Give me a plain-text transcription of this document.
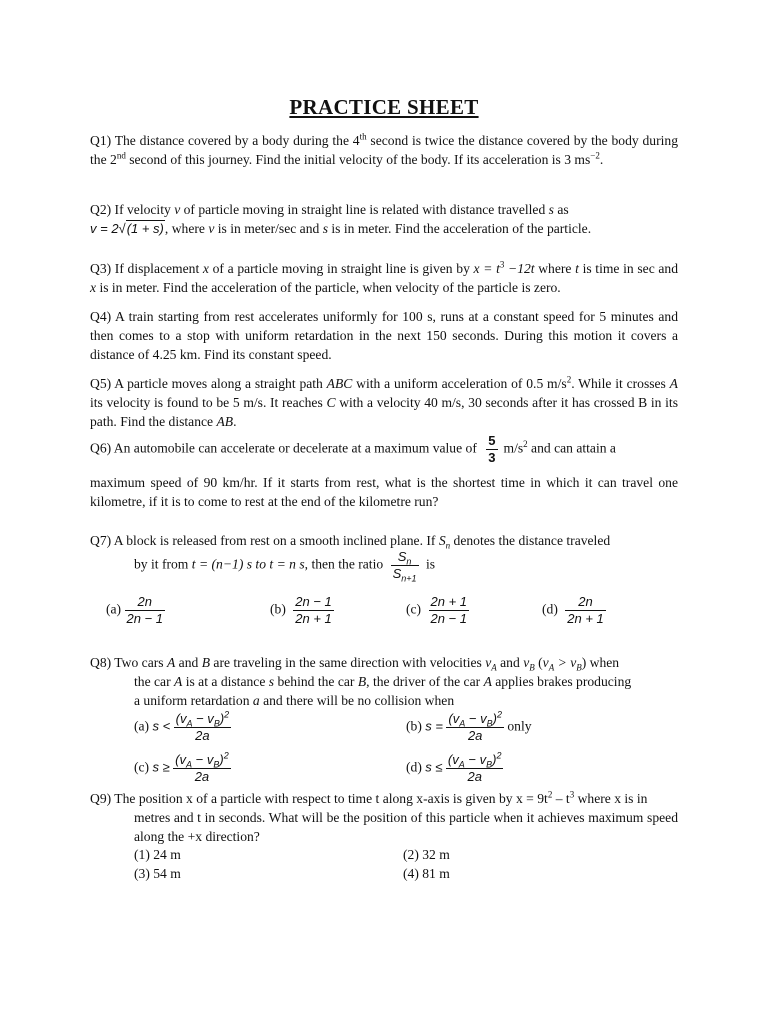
PRACTICE SHEET
Q1) The distance covered by a body during the 4th second is twice the distance covered by the body during the 2nd second of this journey. Find the initial velocity of the body. If its acceleration is 3 $ms^{-2}$.
Q2) If velocity v of particle moving in straight line is related with distance travelled s as
v = 2√(1 + s), where v is in meter/sec and s is in meter. Find the acceleration of the particle.
Q3) If displacement x of a particle moving in straight line is given by $x = t^3 -12t$ where t is time in sec and x is in meter. Find the acceleration of the particle, when velocity of the particle is zero.
Q4) A train starting from rest accelerates uniformly for 100 s, runs at a constant speed for 5 minutes and then comes to a stop with uniform retardation in the next 150 seconds. During this motion it covers a distance of 4.25 km. Find its constant speed.
Q5) A particle moves along a straight path ABC with a uniform acceleration of 0.5 $m/s^2$. While it crosses A its velocity is found to be 5 m/s. It reaches C with a velocity 40 m/s, 30 seconds after it has crossed B in its path. Find the distance AB.
Q6) An automobile can accelerate or decelerate at a maximum value of $\frac{5}{3} m/s^2$ and can attain a
maximum speed of 90 km/hr. If it starts from rest, what is the shortest time in which it can travel one kilometre, if it is to come to rest at the end of the kilometre run?
Q7) A block is released from rest on a smooth inclined plane. If $S_n$ denotes the distance traveled
by it from t = (n−1) s to t = n s, then the ratio $\frac{S_n}{S_{n+1}}$ is
$(a) \frac{2n}{2n - 1}$	$(b) \frac{2n - 1}{2n + 1}$	$(c) \frac{2n + 1}{2n - 1}$	$(d) \frac{2n}{2n + 1}$
Q8) Two cars A and B are traveling in the same direction with velocities $v_A$ and $v_B$ $(v_A > v_B)$ when
the car A is at a distance s behind the car B, the driver of the car A applies brakes producing
a uniform retardation a and there will be no collision when
(a) $s < \frac{(v_A - v_B)^2}{2a}$	(b) $s = \frac{(v_A - v_B)^2}{2a}$ only
(c) $s \ge \frac{(v_A - v_B)^2}{2a}$	(d) $s \le \frac{(v_A - v_B)^2}{2a}$
Q9) The position x of a particle with respect to time t along x-axis is given by $x = 9t^2 - t^3$ where x is in
metres and t in seconds. What will be the position of this particle when it achieves maximum speed along the +x direction?
(1) 24 m	(2) 32 m
(3) 54 m	(4) 81 m
